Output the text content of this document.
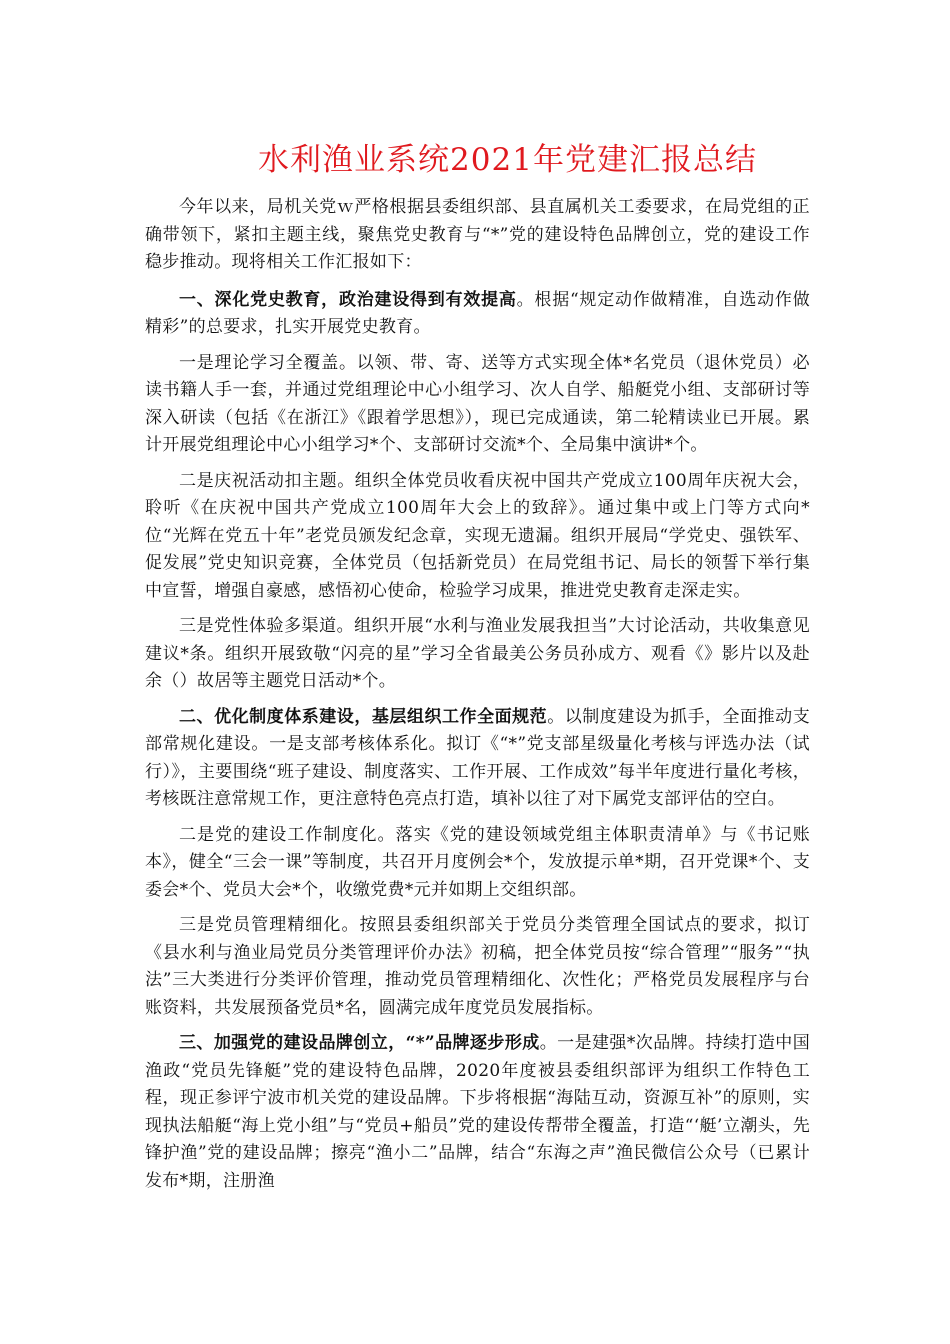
水利渔业系统2021年党建汇报总结

今年以来，局机关党ｗ严格根据县委组织部、县直属机关工委要求，在局党组的正确带领下，紧扣主题主线，聚焦党史教育与“*”党的建设特色品牌创立，党的建设工作稳步推动。现将相关工作汇报如下：

一、深化党史教育，政治建设得到有效提高。根据“规定动作做精准，自选动作做精彩”的总要求，扎实开展党史教育。

一是理论学习全覆盖。以领、带、寄、送等方式实现全体*名党员（退休党员）必读书籍人手一套，并通过党组理论中心小组学习、次人自学、船艇党小组、支部研讨等深入研读（包括《在浙江》《跟着学思想》），现已完成通读，第二轮精读业已开展。累计开展党组理论中心小组学习*个、支部研讨交流*个、全局集中演讲*个。

二是庆祝活动扣主题。组织全体党员收看庆祝中国共产党成立100周年庆祝大会，聆听《在庆祝中国共产党成立100周年大会上的致辞》。通过集中或上门等方式向*位“光辉在党五十年”老党员颁发纪念章，实现无遗漏。组织开展局“学党史、强铁军、促发展”党史知识竞赛，全体党员（包括新党员）在局党组书记、局长的领誓下举行集中宣誓，增强自豪感，感悟初心使命，检验学习成果，推进党史教育走深走实。

三是党性体验多渠道。组织开展“水利与渔业发展我担当”大讨论活动，共收集意见建议*条。组织开展致敬“闪亮的星”学习全省最美公务员孙成方、观看《》影片以及赴余（）故居等主题党日活动*个。

二、优化制度体系建设，基层组织工作全面规范。以制度建设为抓手，全面推动支部常规化建设。一是支部考核体系化。拟订《“*”党支部星级量化考核与评选办法（试行）》，主要围绕“班子建设、制度落实、工作开展、工作成效”每半年度进行量化考核，考核既注意常规工作，更注意特色亮点打造，填补以往了对下属党支部评估的空白。

二是党的建设工作制度化。落实《党的建设领域党组主体职责清单》与《书记账本》，健全“三会一课”等制度，共召开月度例会*个，发放提示单*期，召开党课*个、支委会*个、党员大会*个，收缴党费*元并如期上交组织部。

三是党员管理精细化。按照县委组织部关于党员分类管理全国试点的要求，拟订《县水利与渔业局党员分类管理评价办法》初稿，把全体党员按“综合管理”“服务”“执法”三大类进行分类评价管理，推动党员管理精细化、次性化；严格党员发展程序与台账资料，共发展预备党员*名，圆满完成年度党员发展指标。

三、加强党的建设品牌创立，“*”品牌逐步形成。一是建强*次品牌。持续打造中国渔政“党员先锋艇”党的建设特色品牌，2020年度被县委组织部评为组织工作特色工程，现正参评宁波市机关党的建设品牌。下步将根据“海陆互动，资源互补”的原则，实现执法船艇“海上党小组”与“党员+船员”党的建设传帮带全覆盖，打造“‘艇’立潮头，先锋护渔”党的建设品牌；擦亮“渔小二”品牌，结合“东海之声”渔民微信公众号（已累计发布*期，注册渔
